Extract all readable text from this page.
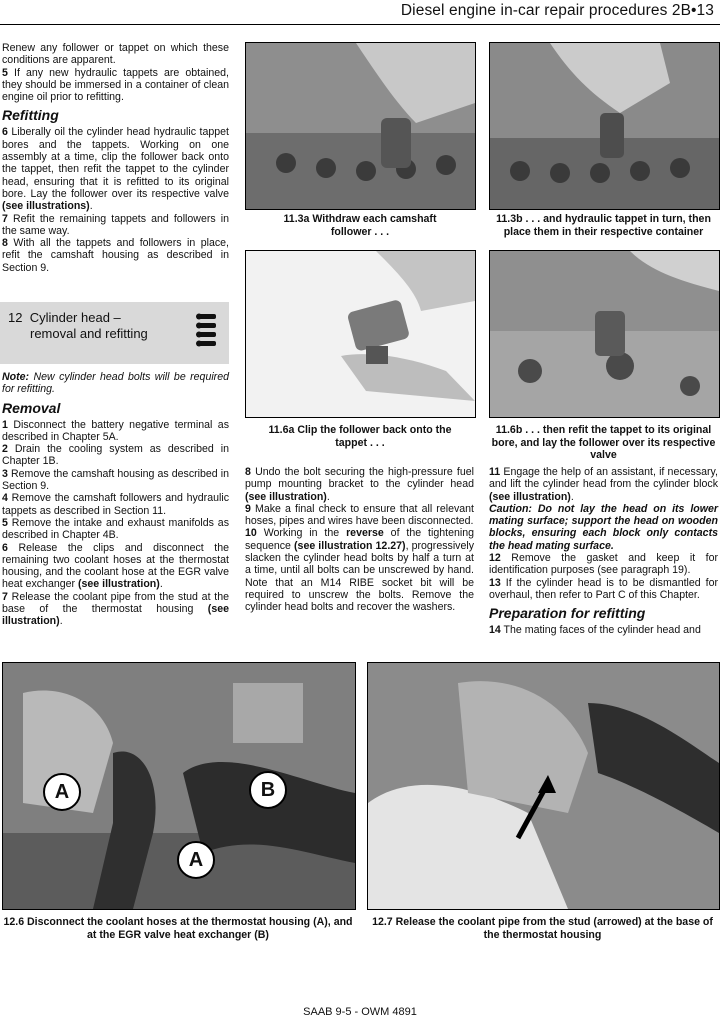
Diesel engine in-car repair procedures 2B•13

Renew any follower or tappet on which these conditions are apparent.

5 If any new hydraulic tappets are obtained, they should be immersed in a container of clean engine oil prior to refitting.

Refitting

6 Liberally oil the cylinder head hydraulic tappet bores and the tappets. Working on one assembly at a time, clip the follower back onto the tappet, then refit the tappet to the cylinder head, ensuring that it is refitted to its original bore. Lay the follower over its respective valve (see illustrations).

7 Refit the remaining tappets and followers in the same way.

8 With all the tappets and followers in place, refit the camshaft housing as described in Section 9.

12 Cylinder head –
removal and refitting

Note: New cylinder head bolts will be required for refitting.

Removal

1 Disconnect the battery negative terminal as described in Chapter 5A.

2 Drain the cooling system as described in Chapter 1B.

3 Remove the camshaft housing as described in Section 9.

4 Remove the camshaft followers and hydraulic tappets as described in Section 11.

5 Remove the intake and exhaust manifolds as described in Chapter 4B.

6 Release the clips and disconnect the remaining two coolant hoses at the thermostat housing, and the coolant hose at the EGR valve heat exchanger (see illustration).

7 Release the coolant pipe from the stud at the base of the thermostat housing (see illustration).

11.3a Withdraw each camshaft follower . . .
11.3b . . . and hydraulic tappet in turn, then place them in their respective container
11.6a Clip the follower back onto the tappet . . .
11.6b . . . then refit the tappet to its original bore, and lay the follower over its respective valve

8 Undo the bolt securing the high-pressure fuel pump mounting bracket to the cylinder head (see illustration).

9 Make a final check to ensure that all relevant hoses, pipes and wires have been disconnected.

10 Working in the reverse of the tightening sequence (see illustration 12.27), progressively slacken the cylinder head bolts by half a turn at a time, until all bolts can be unscrewed by hand. Note that an M14 RIBE socket bit will be required to unscrew the bolts. Remove the cylinder head bolts and recover the washers.

11 Engage the help of an assistant, if necessary, and lift the cylinder head from the cylinder block (see illustration).

Caution: Do not lay the head on its lower mating surface; support the head on wooden blocks, ensuring each block only contacts the head mating surface.

12 Remove the gasket and keep it for identification purposes (see paragraph 19).

13 If the cylinder head is to be dismantled for overhaul, then refer to Part C of this Chapter.

Preparation for refitting

14 The mating faces of the cylinder head and

A	B
A
12.6 Disconnect the coolant hoses at the thermostat housing (A), and at the EGR valve heat exchanger (B)
12.7 Release the coolant pipe from the stud (arrowed) at the base of the thermostat housing
SAAB 9-5 - OWM 4891
